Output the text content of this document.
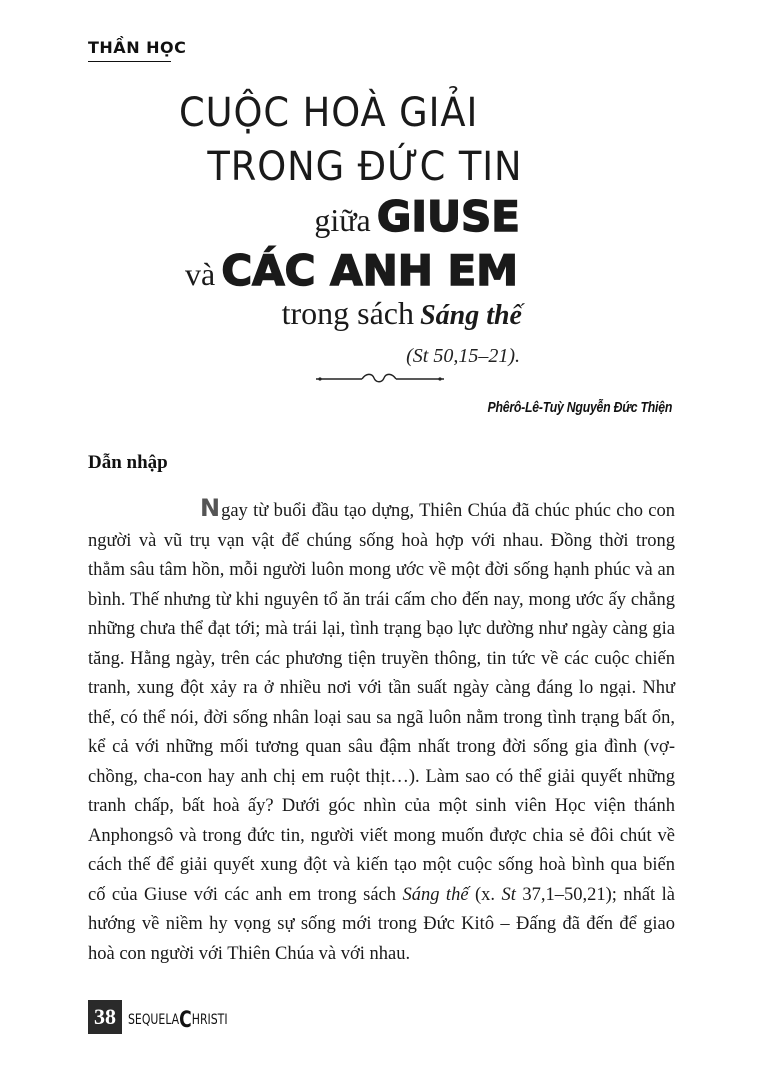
THẦN HỌC
CUỘC HOÀ GIẢI
TRONG ĐỨC TIN
giữa GIUSE
và CÁC ANH EM
trong sách Sáng thế
(St 50,15–21).
Phêrô-Lê-Tuỳ Nguyễn Đức Thiện
Dẫn nhập

Ngay từ buổi đầu tạo dựng, Thiên Chúa đã chúc phúc cho con người và vũ trụ vạn vật để chúng sống hoà hợp với nhau. Đồng thời trong thẳm sâu tâm hồn, mỗi người luôn mong ước về một đời sống hạnh phúc và an bình. Thế nhưng từ khi nguyên tổ ăn trái cấm cho đến nay, mong ước ấy chẳng những chưa thể đạt tới; mà trái lại, tình trạng bạo lực dường như ngày càng gia tăng. Hằng ngày, trên các phương tiện truyền thông, tin tức về các cuộc chiến tranh, xung đột xảy ra ở nhiều nơi với tần suất ngày càng đáng lo ngại. Như thế, có thể nói, đời sống nhân loại sau sa ngã luôn nằm trong tình trạng bất ổn, kể cả với những mối tương quan sâu đậm nhất trong đời sống gia đình (vợ-chồng, cha-con hay anh chị em ruột thịt…). Làm sao có thể giải quyết những tranh chấp, bất hoà ấy? Dưới góc nhìn của một sinh viên Học viện thánh Anphongsô và trong đức tin, người viết mong muốn được chia sẻ đôi chút về cách thế để giải quyết xung đột và kiến tạo một cuộc sống hoà bình qua biến cố của Giuse với các anh em trong sách Sáng thế (x. St 37,1–50,21); nhất là hướng về niềm hy vọng sự sống mới trong Đức Kitô – Đấng đã đến để giao hoà con người với Thiên Chúa và với nhau.

38 SEQUELACHRISTI
